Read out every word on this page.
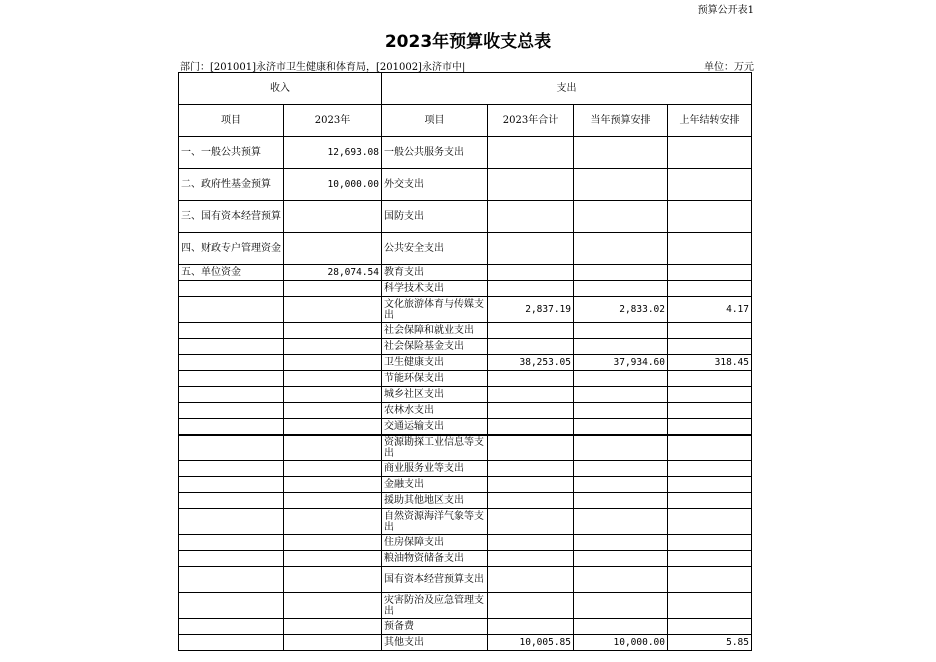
预算公开表1
2023年预算收支总表
部门：[201001]永济市卫生健康和体育局，[201002]永济市中|	单位：万元
收入		支出			
项目	2023年	项目	2023年合计	当年预算安排	上年结转安排
一、一般公共预算	12,693.08	一般公共服务支出			
二、政府性基金预算	10,000.00	外交支出			
三、国有资本经营预算		国防支出			
四、财政专户管理资金		公共安全支出			
五、单位资金	28,074.54	教育支出			
		科学技术支出			
		文化旅游体育与传媒支出	2,837.19	2,833.02	4.17
		社会保障和就业支出			
		社会保险基金支出			
		卫生健康支出	38,253.05	37,934.60	318.45
		节能环保支出			
		城乡社区支出			
		农林水支出			
		交通运输支出			
		资源勘探工业信息等支出			
		商业服务业等支出			
		金融支出			
		援助其他地区支出			
		自然资源海洋气象等支出			
		住房保障支出			
		粮油物资储备支出			
		国有资本经营预算支出			
		灾害防治及应急管理支出			
		预备费			
		其他支出	10,005.85	10,000.00	5.85
